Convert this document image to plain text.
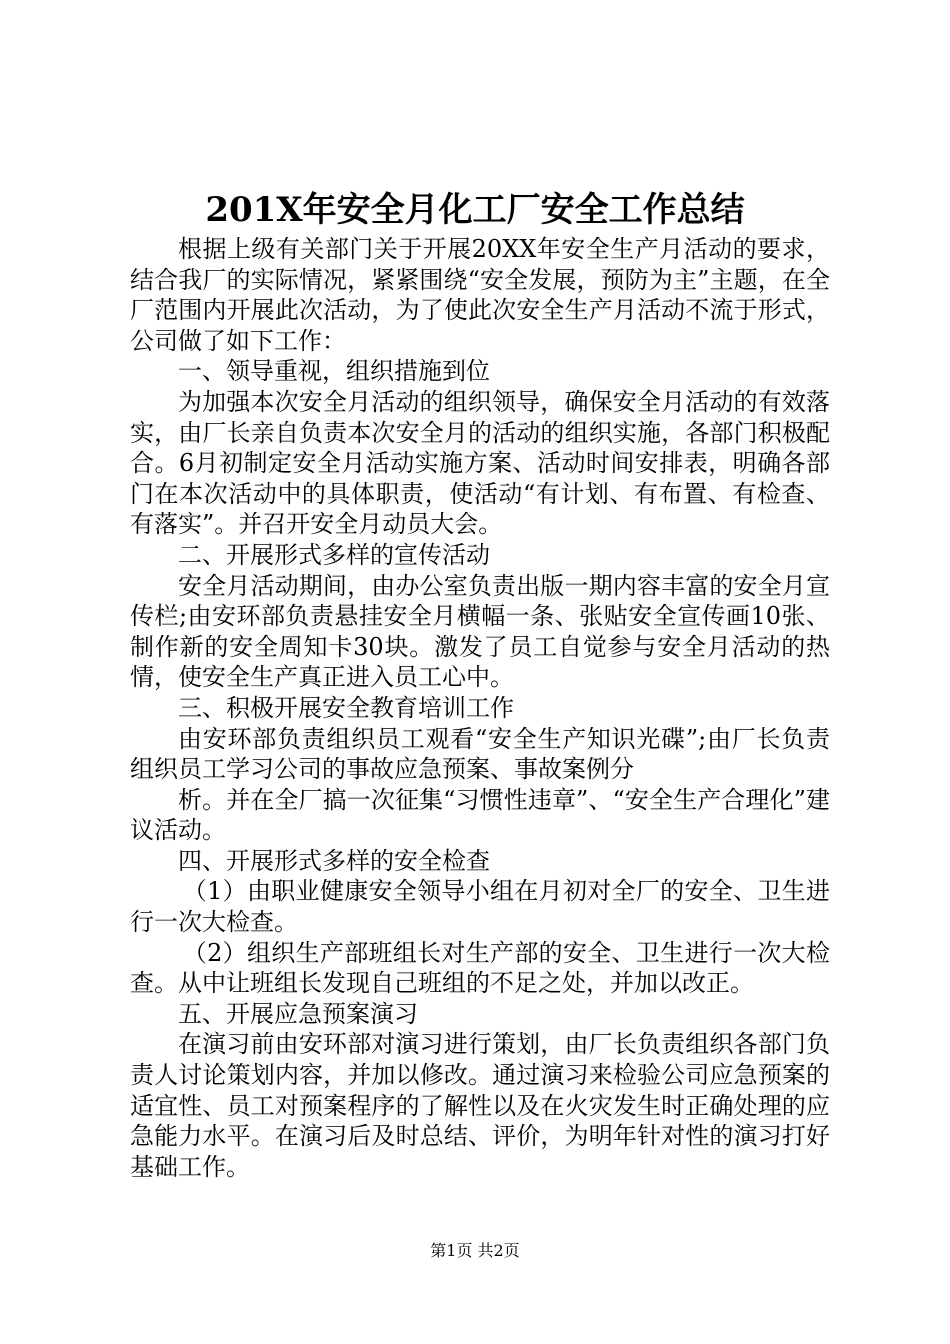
201X年安全月化工厂安全工作总结

根据上级有关部门关于开展20XX年安全生产月活动的要求，结合我厂的实际情况，紧紧围绕“安全发展，预防为主”主题，在全厂范围内开展此次活动，为了使此次安全生产月活动不流于形式，公司做了如下工作：

一、领导重视，组织措施到位

为加强本次安全月活动的组织领导，确保安全月活动的有效落实，由厂长亲自负责本次安全月的活动的组织实施，各部门积极配合。6月初制定安全月活动实施方案、活动时间安排表，明确各部门在本次活动中的具体职责，使活动“有计划、有布置、有检查、有落实”。并召开安全月动员大会。

二、开展形式多样的宣传活动

安全月活动期间，由办公室负责出版一期内容丰富的安全月宣传栏;由安环部负责悬挂安全月横幅一条、张贴安全宣传画10张、制作新的安全周知卡30块。激发了员工自觉参与安全月活动的热情，使安全生产真正进入员工心中。

三、积极开展安全教育培训工作

由安环部负责组织员工观看“安全生产知识光碟”;由厂长负责组织员工学习公司的事故应急预案、事故案例分

析。并在全厂搞一次征集“习惯性违章”、“安全生产合理化”建议活动。

四、开展形式多样的安全检查

（1）由职业健康安全领导小组在月初对全厂的安全、卫生进行一次大检查。

（2）组织生产部班组长对生产部的安全、卫生进行一次大检查。从中让班组长发现自己班组的不足之处，并加以改正。

五、开展应急预案演习

在演习前由安环部对演习进行策划，由厂长负责组织各部门负责人讨论策划内容，并加以修改。通过演习来检验公司应急预案的适宜性、员工对预案程序的了解性以及在火灾发生时正确处理的应急能力水平。在演习后及时总结、评价，为明年针对性的演习打好基础工作。

第1页 共2页
